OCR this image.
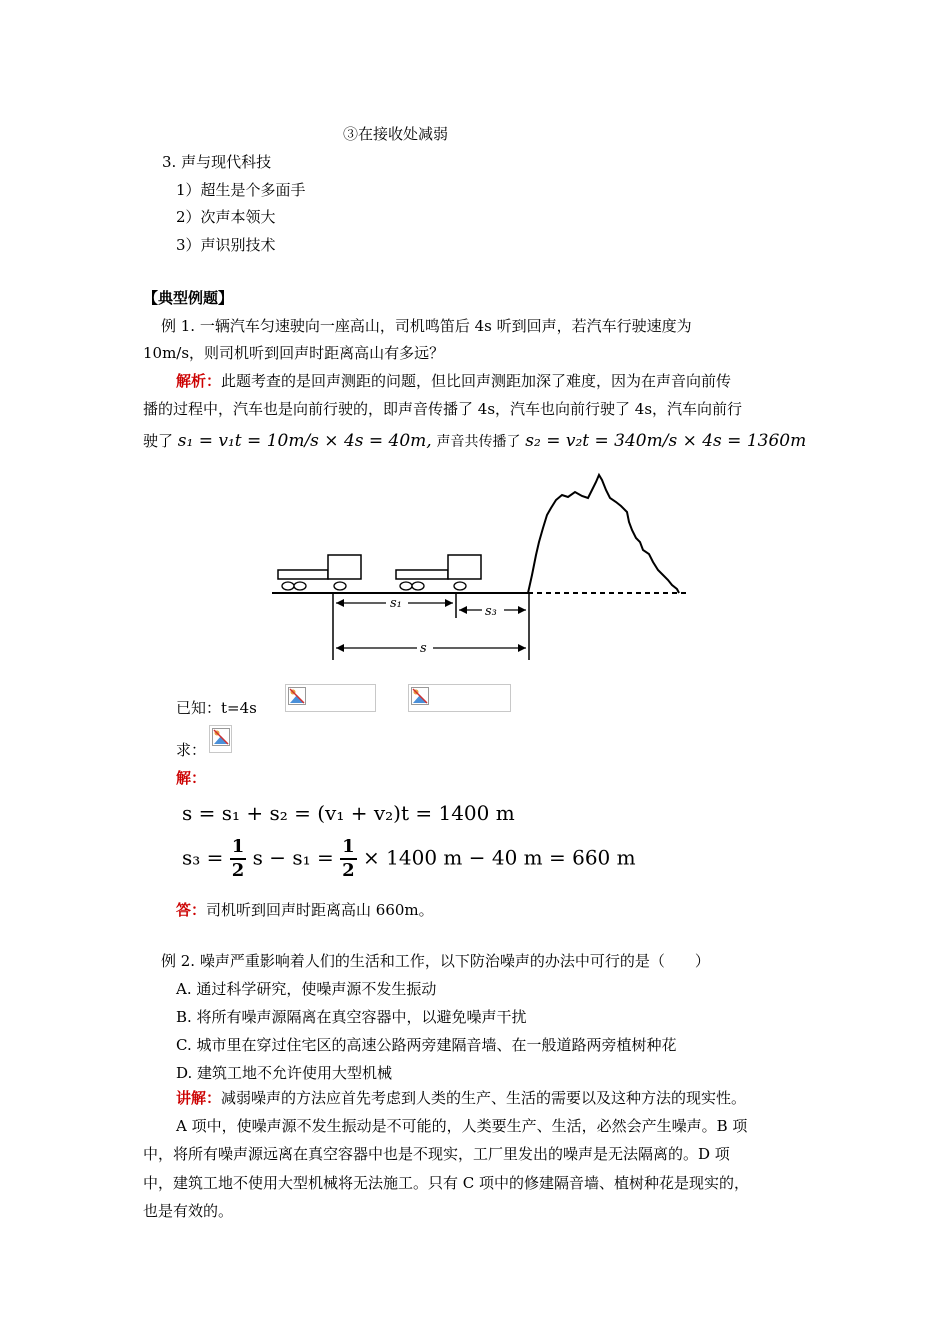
③在接收处减弱
3. 声与现代科技
1）超生是个多面手
2）次声本领大
3）声识别技术
【典型例题】
例 1. 一辆汽车匀速驶向一座高山，司机鸣笛后 4s 听到回声，若汽车行驶速度为
10m/s，则司机听到回声时距离高山有多远？
解析：此题考查的是回声测距的问题，但比回声测距加深了难度，因为在声音向前传
播的过程中，汽车也是向前行驶的，即声音传播了 4s，汽车也向前行驶了 4s，汽车向前行
驶了 s₁ = v₁t = 10m/s × 4s = 40m, 声音共传播了 s₂ = v₂t = 340m/s × 4s = 1360m
s₁
s₃
s
已知：t=4s
求：
解：
s = s₁ + s₂ = (v₁ + v₂)t = 1400 m
$s_3 = \frac{1}{2}$ $s - s_1 = \frac{1}{2} \times 1400$ m − 40 m = 660 m
答：司机听到回声时距离高山 660m。
例 2. 噪声严重影响着人们的生活和工作，以下防治噪声的办法中可行的是（　　）
A. 通过科学研究，使噪声源不发生振动
B. 将所有噪声源隔离在真空容器中，以避免噪声干扰
C. 城市里在穿过住宅区的高速公路两旁建隔音墙、在一般道路两旁植树种花
D. 建筑工地不允许使用大型机械
讲解：减弱噪声的方法应首先考虑到人类的生产、生活的需要以及这种方法的现实性。
A 项中，使噪声源不发生振动是不可能的，人类要生产、生活，必然会产生噪声。B 项
中，将所有噪声源远离在真空容器中也是不现实，工厂里发出的噪声是无法隔离的。D 项
中，建筑工地不使用大型机械将无法施工。只有 C 项中的修建隔音墙、植树种花是现实的，
也是有效的。
